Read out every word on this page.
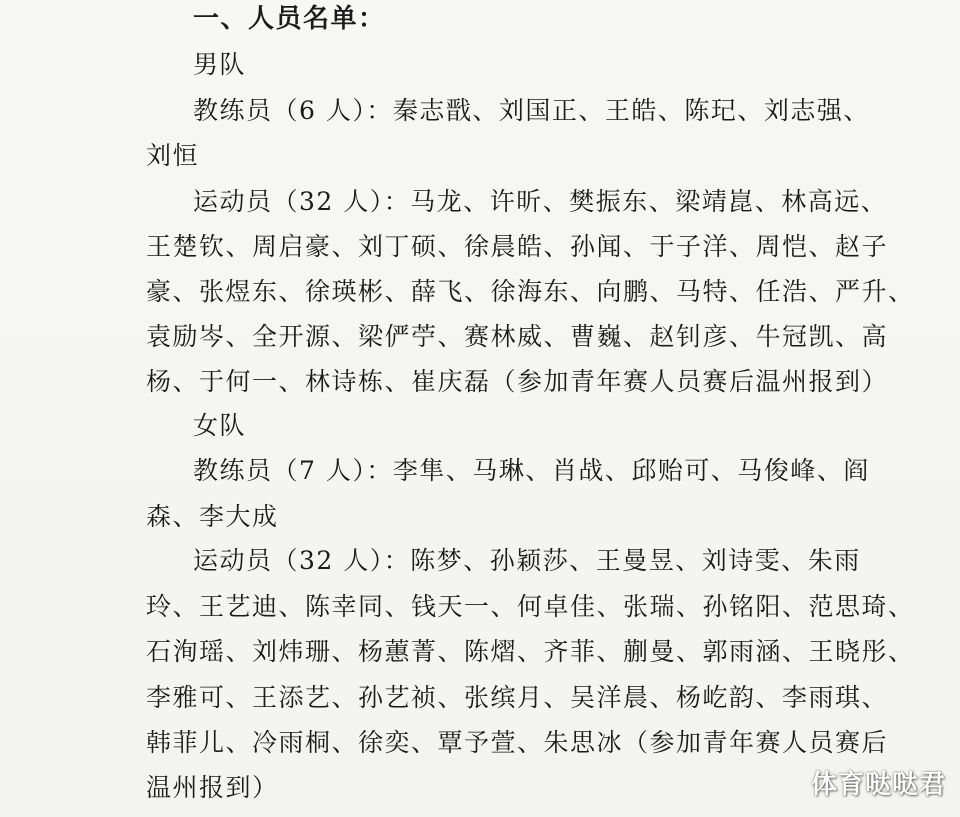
一、人员名单：
男队
教练员（6 人）：秦志戬、刘国正、王皓、陈玘、刘志强、
刘恒
运动员（32 人）：马龙、许昕、樊振东、梁靖崑、林高远、
王楚钦、周启豪、刘丁硕、徐晨皓、孙闻、于子洋、周恺、赵子
豪、张煜东、徐瑛彬、薛飞、徐海东、向鹏、马特、任浩、严升、
袁励岑、全开源、梁俨苧、赛林威、曹巍、赵钊彦、牛冠凯、高
杨、于何一、林诗栋、崔庆磊（参加青年赛人员赛后温州报到）
女队
教练员（7 人）：李隼、马琳、肖战、邱贻可、马俊峰、阎
森、李大成
运动员（32 人）：陈梦、孙颖莎、王曼昱、刘诗雯、朱雨
玲、王艺迪、陈幸同、钱天一、何卓佳、张瑞、孙铭阳、范思琦、
石洵瑶、刘炜珊、杨蕙菁、陈熠、齐菲、蒯曼、郭雨涵、王晓彤、
李雅可、王添艺、孙艺祯、张缤月、吴洋晨、杨屹韵、李雨琪、
韩菲儿、冷雨桐、徐奕、覃予萱、朱思冰（参加青年赛人员赛后
温州报到）	体育哒哒君
